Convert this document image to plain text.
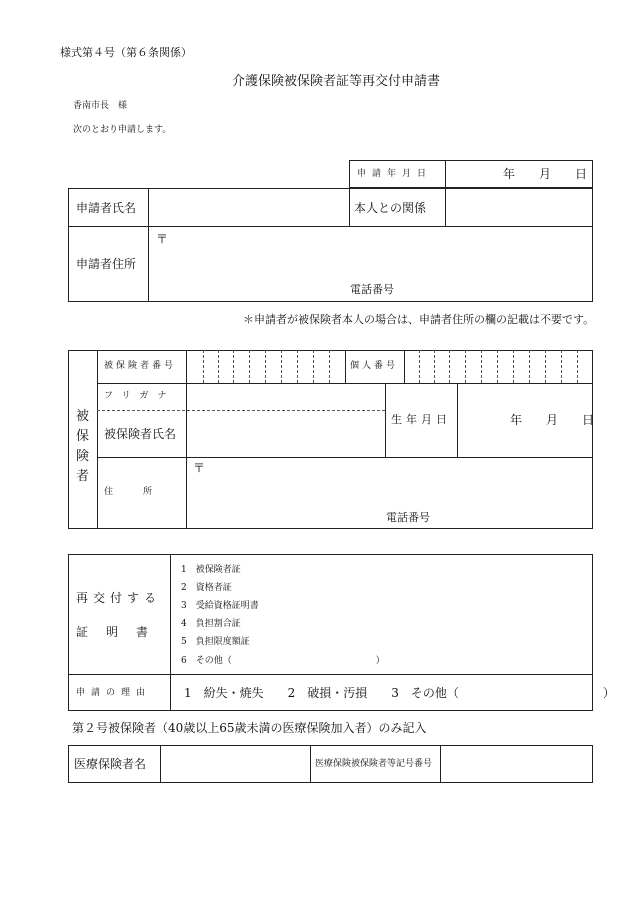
様式第４号（第６条関係）
介護保険被保険者証等再交付申請書
香南市長　様
次のとおり申請します。
申請年月日	年　　月　　日
申請者氏名	本人との関係
申請者住所
〒
電話番号
＊申請者が被保険者本人の場合は、申請者住所の欄の記載は不要です。
被
保
険
者
被保険者番号	個人番号
フリガナ
被保険者氏名
生年月日	年　　月　　日
住　　所
〒
電話番号
再交付する
証　明　書
1　被保険者証
2　資格者証
3　受給資格証明書
4　負担割合証
5　負担限度額証
6　その他（　　　　　　　　　　　　　　　　）
申請の理由	1　紛失・焼失　　2　破損・汚損　　3　その他（　　　　　　　　　　　　）
第２号被保険者（40歳以上65歳未満の医療保険加入者）のみ記入
医療保険者名	医療保険被保険者等記号番号
